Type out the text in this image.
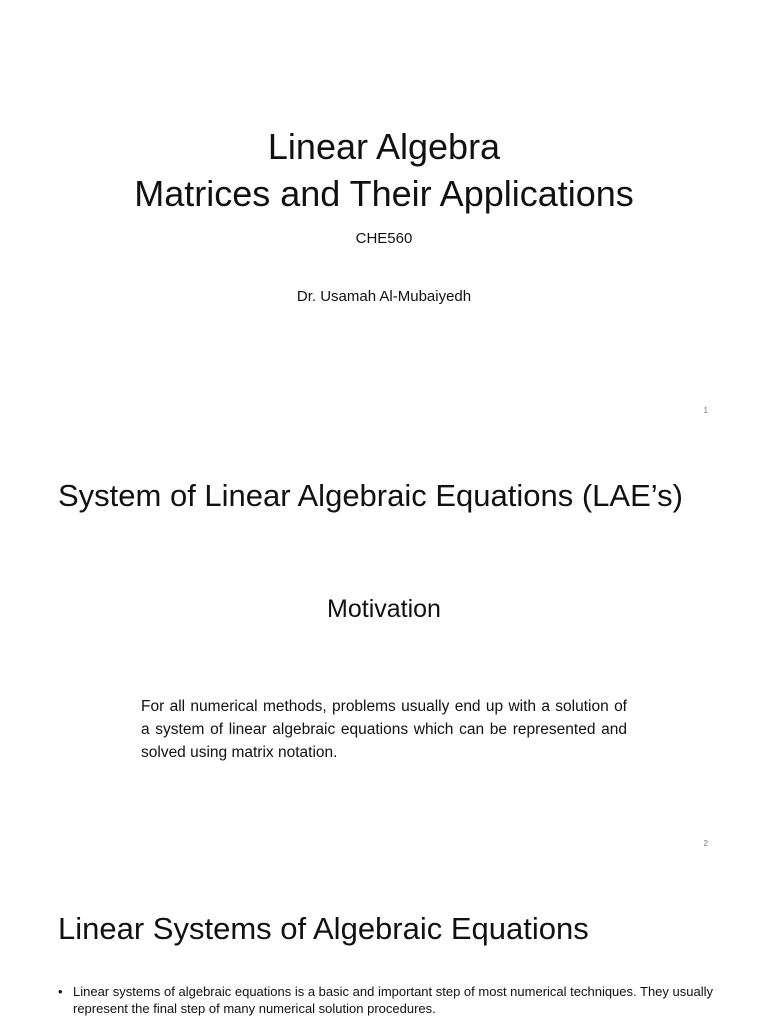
Linear Algebra
Matrices and Their Applications
CHE560
Dr. Usamah Al-Mubaiyedh
1
System of Linear Algebraic Equations (LAE’s)
Motivation
For all numerical methods, problems usually end up with a solution of a system of linear algebraic equations which can be represented and solved using matrix notation.
2
Linear Systems of Algebraic Equations
• Linear systems of algebraic equations is a basic and important step of most numerical techniques. They usually represent the final step of many numerical solution procedures.
